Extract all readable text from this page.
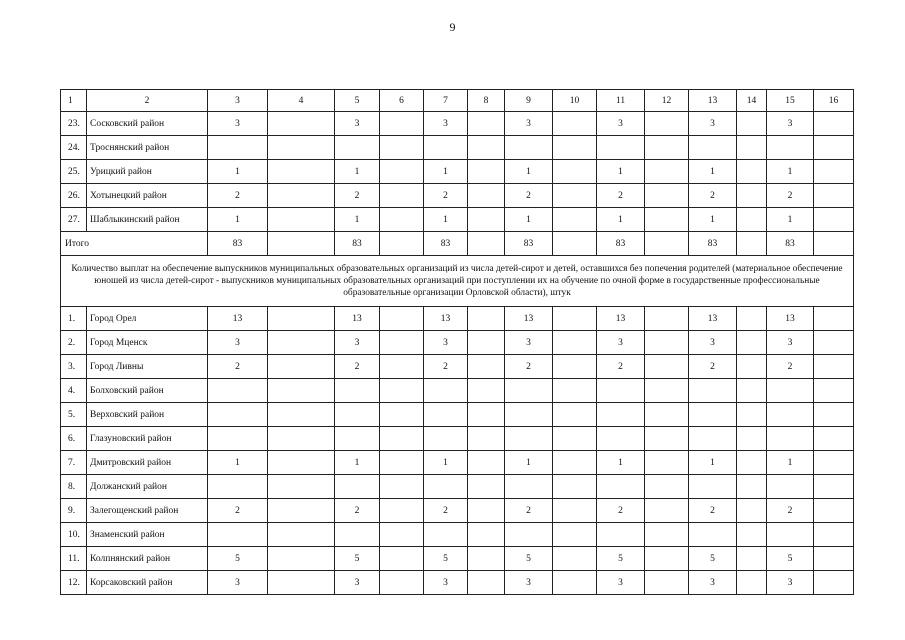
9
1	2	3	4	5	6	7	8	9	10	11	12	13	14	15	16
23.	Сосковский район	3		3		3		3		3		3		3	
24.	Троснянский район														
25.	Урицкий район	1		1		1		1		1		1		1	
26.	Хотынецкий район	2		2		2		2		2		2		2	
27.	Шаблыкинский район	1		1		1		1		1		1		1	
Итого		83		83		83		83		83		83		83	
Количество выплат на обеспечение выпускников муниципальных образовательных организаций из числа детей-сирот и детей, оставшихся без попечения родителей (материальное обеспечение юношей из числа детей-сирот - выпускников муниципальных образовательных организаций при поступлении их на обучение по очной форме в государственные профессиональные образовательные организации Орловской области), штук															
1.	Город Орел	13		13		13		13		13		13		13	
2.	Город Мценск	3		3		3		3		3		3		3	
3.	Город Ливны	2		2		2		2		2		2		2	
4.	Болховский район														
5.	Верховский район														
6.	Глазуновский район														
7.	Дмитровский район	1		1		1		1		1		1		1	
8.	Должанский район														
9.	Залегощенский район	2		2		2		2		2		2		2	
10.	Знаменский район														
11.	Колпнянский район	5		5		5		5		5		5		5	
12.	Корсаковский район	3		3		3		3		3		3		3	
